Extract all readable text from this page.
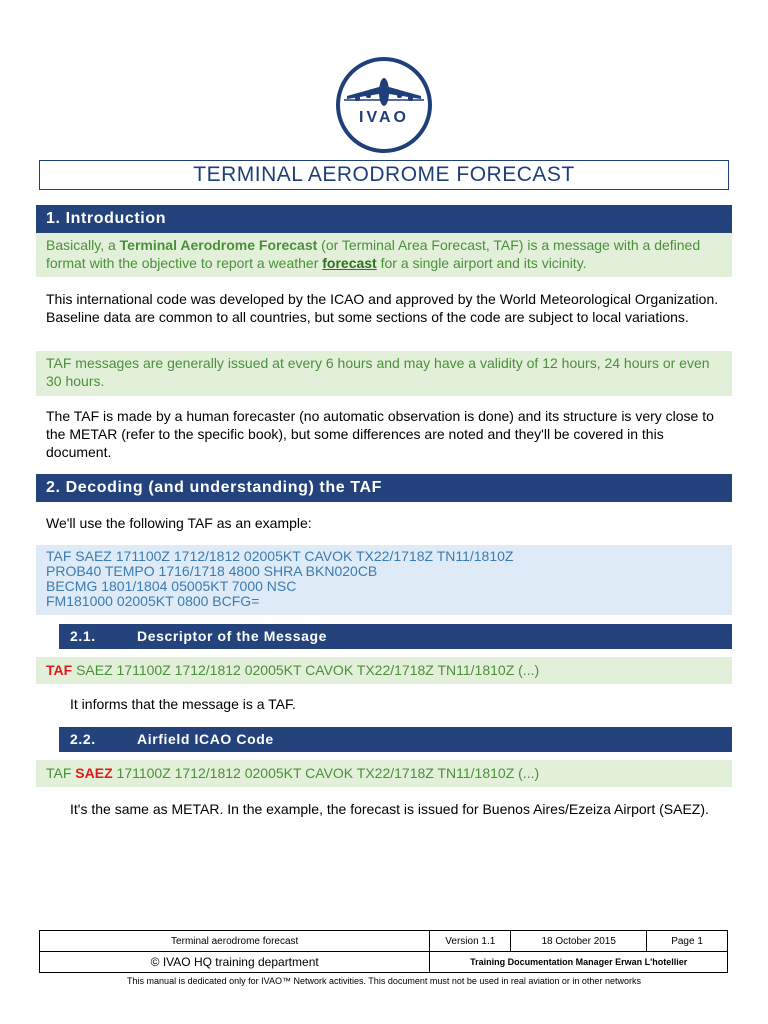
IVAO
TERMINAL AERODROME FORECAST
1. Introduction
Basically, a Terminal Aerodrome Forecast (or Terminal Area Forecast, TAF) is a message with a defined format with the objective to report a weather forecast for a single airport and its vicinity.
This international code was developed by the ICAO and approved by the World Meteorological Organization. Baseline data are common to all countries, but some sections of the code are subject to local variations.
TAF messages are generally issued at every 6 hours and may have a validity of 12 hours, 24 hours or even 30 hours.
The TAF is made by a human forecaster (no automatic observation is done) and its structure is very close to the METAR (refer to the specific book), but some differences are noted and they'll be covered in this document.
2. Decoding (and understanding) the TAF
We'll use the following TAF as an example:
TAF SAEZ 171100Z 1712/1812 02005KT CAVOK TX22/1718Z TN11/1810Z
PROB40 TEMPO 1716/1718 4800 SHRA BKN020CB
BECMG 1801/1804 05005KT 7000 NSC
FM181000 02005KT 0800 BCFG=
2.1.	Descriptor of the Message
TAF SAEZ 171100Z 1712/1812 02005KT CAVOK TX22/1718Z TN11/1810Z (...)
It informs that the message is a TAF.
2.2.	Airfield ICAO Code
TAF SAEZ 171100Z 1712/1812 02005KT CAVOK TX22/1718Z TN11/1810Z (...)
It's the same as METAR. In the example, the forecast is issued for Buenos Aires/Ezeiza Airport (SAEZ).
Terminal aerodrome forecast	Version 1.1	18 October 2015	Page 1
© IVAO HQ training department	Training Documentation Manager Erwan L'hotellier		
This manual is dedicated only for IVAO™ Network activities. This document must not be used in real aviation or in other networks
